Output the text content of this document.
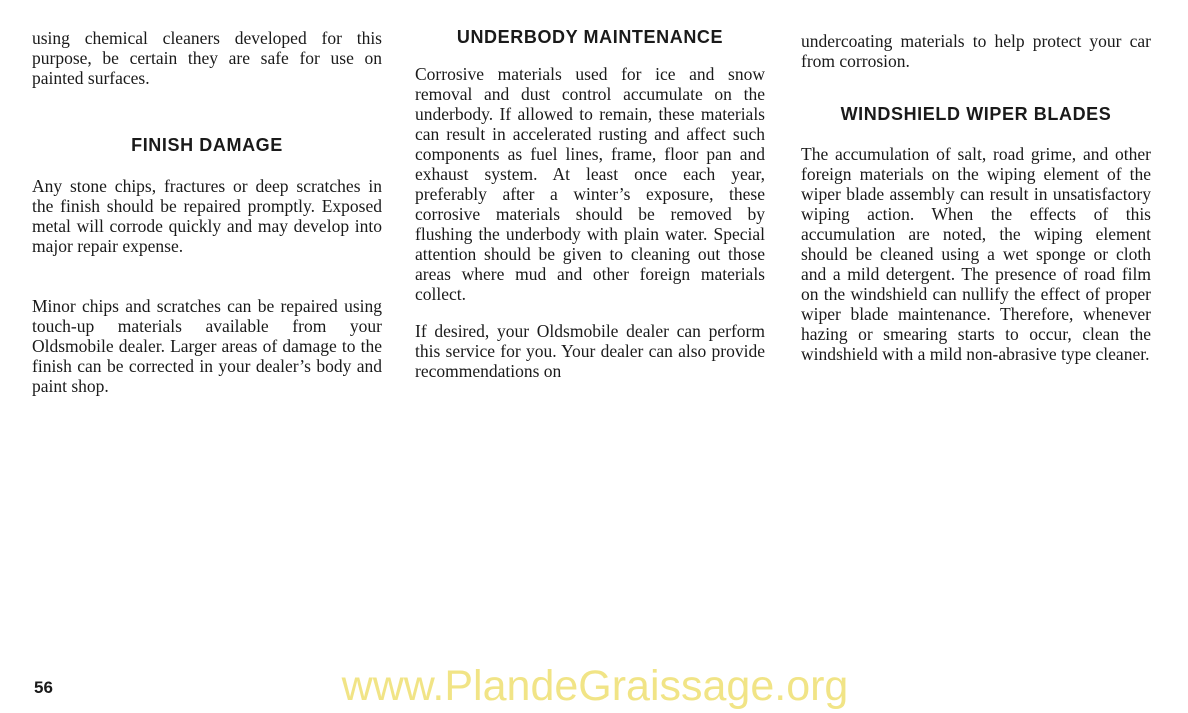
using chemical cleaners developed for this purpose, be certain they are safe for use on painted surfaces.

FINISH DAMAGE

Any stone chips, fractures or deep scratches in the finish should be repaired promptly. Exposed metal will corrode quickly and may develop into major repair expense.

Minor chips and scratches can be repaired using touch-up materials available from your Oldsmobile dealer. Larger areas of damage to the finish can be corrected in your dealer’s body and paint shop.

UNDERBODY MAINTENANCE

Corrosive materials used for ice and snow removal and dust control accumulate on the underbody. If allowed to remain, these materials can result in accelerated rusting and affect such components as fuel lines, frame, floor pan and exhaust system. At least once each year, preferably after a winter’s exposure, these corrosive materials should be removed by flushing the underbody with plain water. Special attention should be given to cleaning out those areas where mud and other foreign materials collect.

If desired, your Oldsmobile dealer can perform this service for you. Your dealer can also provide recommendations on

undercoating materials to help protect your car from corrosion.

WINDSHIELD WIPER BLADES

The accumulation of salt, road grime, and other foreign materials on the wiping element of the wiper blade assembly can result in unsatisfactory wiping action. When the effects of this accumulation are noted, the wiping element should be cleaned using a wet sponge or cloth and a mild detergent. The presence of road film on the windshield can nullify the effect of proper wiper blade maintenance. Therefore, whenever hazing or smearing starts to occur, clean the windshield with a mild non-abrasive type cleaner.

56	www.PlandeGraissage.org
